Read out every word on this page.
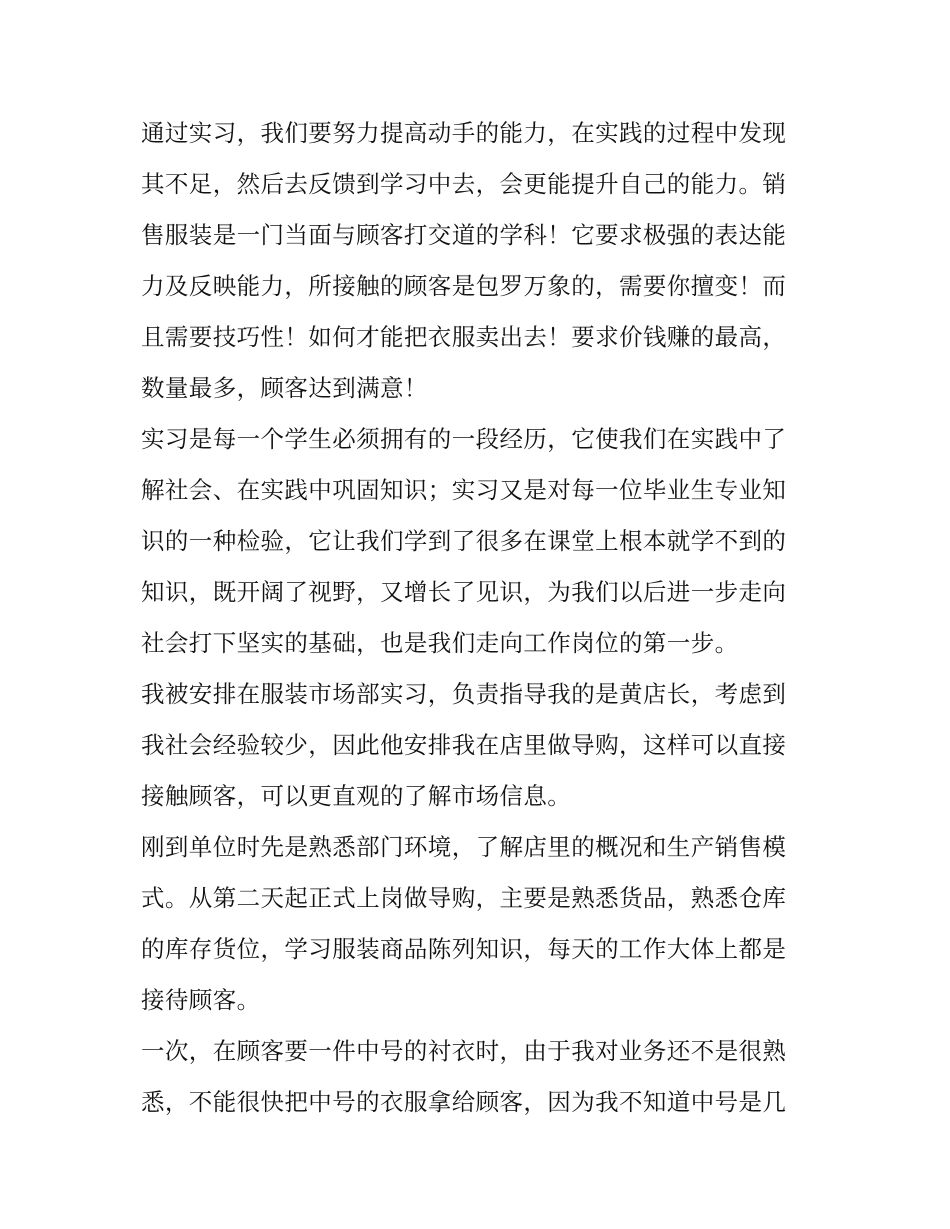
通过实习，我们要努力提高动手的能力，在实践的过程中发现
其不足，然后去反馈到学习中去，会更能提升自己的能力。销
售服装是一门当面与顾客打交道的学科！它要求极强的表达能
力及反映能力，所接触的顾客是包罗万象的，需要你擅变！而
且需要技巧性！如何才能把衣服卖出去！要求价钱赚的最高，
数量最多，顾客达到满意！
实习是每一个学生必须拥有的一段经历，它使我们在实践中了
解社会、在实践中巩固知识；实习又是对每一位毕业生专业知
识的一种检验，它让我们学到了很多在课堂上根本就学不到的
知识，既开阔了视野，又增长了见识，为我们以后进一步走向
社会打下坚实的基础，也是我们走向工作岗位的第一步。
我被安排在服装市场部实习，负责指导我的是黄店长，考虑到
我社会经验较少，因此他安排我在店里做导购，这样可以直接
接触顾客，可以更直观的了解市场信息。
刚到单位时先是熟悉部门环境，了解店里的概况和生产销售模
式。从第二天起正式上岗做导购，主要是熟悉货品，熟悉仓库
的库存货位，学习服装商品陈列知识，每天的工作大体上都是
接待顾客。
一次，在顾客要一件中号的衬衣时，由于我对业务还不是很熟
悉，不能很快把中号的衣服拿给顾客，因为我不知道中号是几
